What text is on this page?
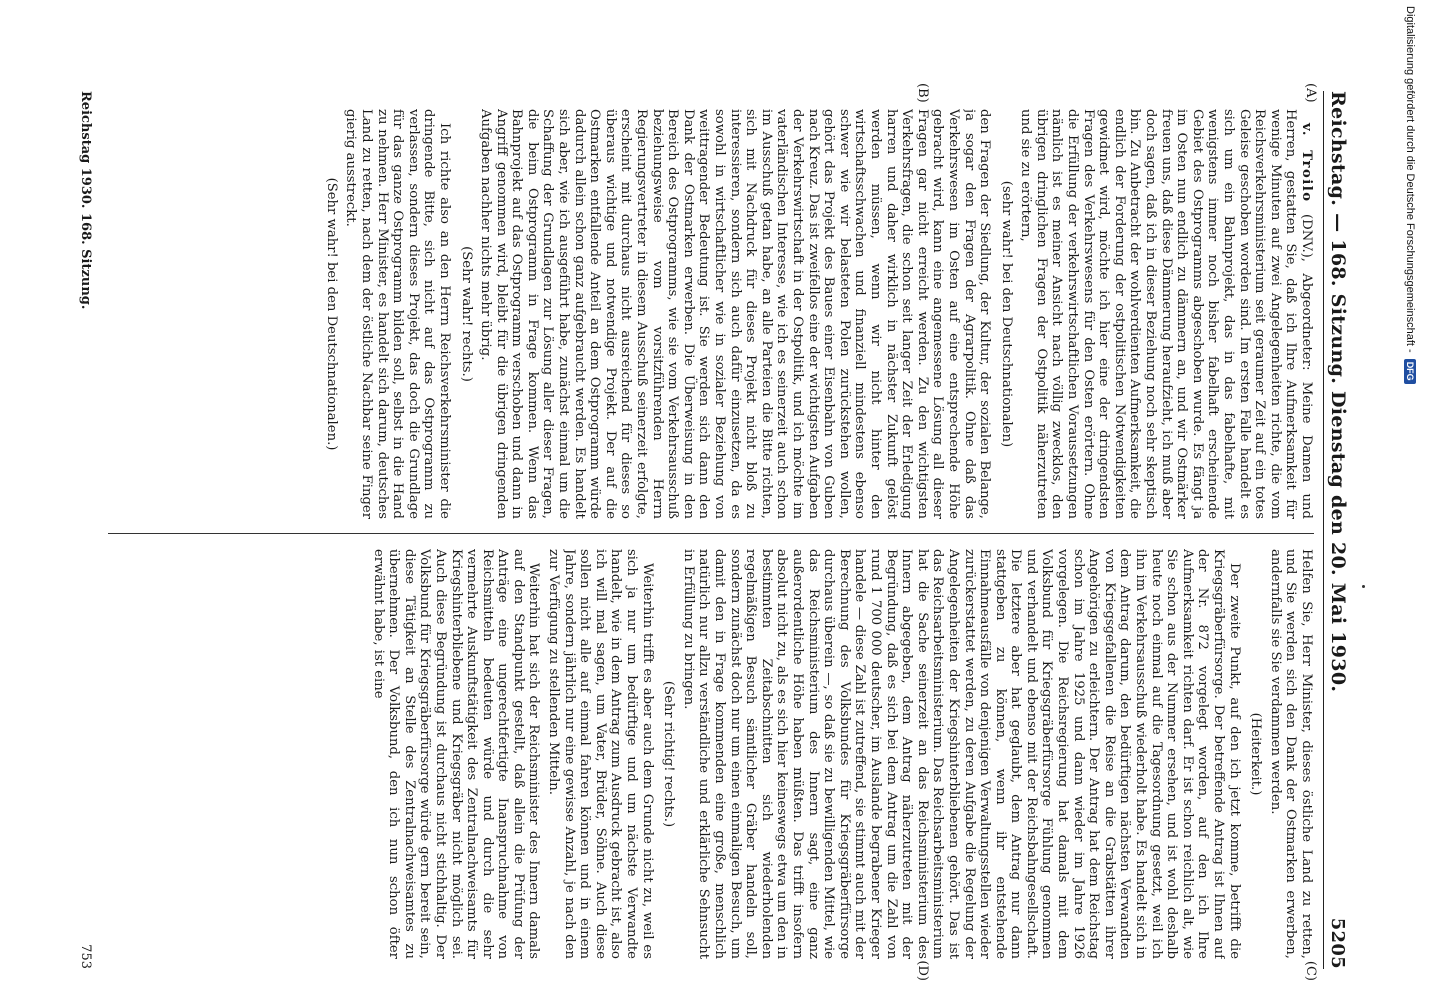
Digitalisierung gefördert durch die Deutsche Forschungsgemeinschaft -
DFG
Reichstag. — 168. Sitzung. Dienstag den 20. Mai 1930.
5205
(A)
(B)
(C)
(D)

v. Troilo (DNV.), Abgeordneter: Meine Damen und Herren, gestatten Sie, daß ich Ihre Aufmerksamkeit für wenige Minuten auf zwei Angelegenheiten richte, die vom Reichsverkehrsministerium seit geraumer Zeit auf ein totes Geleise geschoben worden sind. Im ersten Falle handelt es sich um ein Bahnprojekt, das in das fabelhafte, mit wenigstens immer noch bisher fabelhaft erscheinende Gebiet des Ostprogramms abgeschoben wurde. Es fängt ja im Osten nun endlich zu dämmern an, und wir Ostmärker freuen uns, daß diese Dämmerung heraufzieht, ich muß aber doch sagen, daß ich in dieser Beziehung noch sehr skeptisch bin. Zu Anbetracht der wohlverdienten Aufmerksamkeit, die endlich der Forderung der ostpolitischen Notwendigkeiten gewidmet wird, möchte ich hier eine der dringendsten Fragen des Verkehrswesens für den Osten erörtern. Ohne die Erfüllung der verkehrswirtschaftlichen Voraussetzungen nämlich ist es meiner Ansicht nach völlig zwecklos, den übrigen dringlichen Fragen der Ostpolitik näherzutreten und sie zu erörtern,

(sehr wahr! bei den Deutschnationalen)

den Fragen der Siedlung, der Kultur, der sozialen Belange, ja sogar den Fragen der Agrarpolitik. Ohne daß das Verkehrswesen im Osten auf eine entsprechende Höhe gebracht wird, kann eine angemessene Lösung all dieser Fragen gar nicht erreicht werden. Zu den wichtigsten Verkehrsfragen, die schon seit langer Zeit der Erledigung harren und daher wirklich in nächster Zukunft gelöst werden müssen, wenn wir nicht hinter den wirtschaftsschwachen und finanziell mindestens ebenso schwer wie wir belasteten Polen zurückstehen wollen, gehört das Projekt des Baues einer Eisenbahn von Guben nach Kreuz. Das ist zweifellos eine der wichtigsten Aufgaben der Verkehrswirtschaft in der Ostpolitik, und ich möchte im vaterländischen Interesse, wie ich es seinerzeit auch schon im Ausschuß getan habe, an alle Parteien die Bitte richten, sich mit Nachdruck für dieses Projekt nicht bloß zu interessieren, sondern sich auch dafür einzusetzen, da es sowohl in wirtschaftlicher wie in sozialer Beziehung von weittragender Bedeutung ist. Sie werden sich dann den Dank der Ostmarken erwerben. Die Überweisung in den Bereich des Ostprogramms, wie sie vom Verkehrsausschuß beziehungsweise vom vorsitzführenden Herrn Regierungsvertreter in diesem Ausschuß seinerzeit erfolgte, erscheint mit durchaus nicht ausreichend für dieses so überaus wichtige und notwendige Projekt. Der auf die Ostmarken entfallende Anteil an dem Ostprogramm würde dadurch allein schon ganz aufgebraucht werden. Es handelt sich aber, wie ich ausgeführt habe, zunächst einmal um die Schaffung der Grundlagen zur Lösung aller dieser Fragen, die beim Ostprogramm in Frage kommen. Wenn das Bahnprojekt auf das Ostprogramm verschoben und dann in Angriff genommen wird, bleibt für die übrigen dringenden Aufgaben nachher nichts mehr übrig.

(Sehr wahr! rechts.)

Ich richte also an den Herrn Reichsverkehrsminister die dringende Bitte, sich nicht auf das Ostprogramm zu verlassen, sondern dieses Projekt, das doch die Grundlage für das ganze Ostprogramm bilden soll, selbst in die Hand zu nehmen. Herr Minister, es handelt sich darum, deutsches Land zu retten, nach dem der östliche Nachbar seine Finger gierig ausstreckt.

(Sehr wahr! bei den Deutschnationalen.)

Helfen Sie, Herr Minister, dieses östliche Land zu retten, und Sie werden sich den Dank der Ostmarken erwerben, andernfalls sie Sie verdammen werden.

(Heiterkeit.)

Der zweite Punkt, auf den ich jetzt komme, betrifft die Kriegsgräberfürsorge. Der betreffende Antrag ist Ihnen auf der Nr. 872 vorgelegt worden, auf den ich Ihre Aufmerksamkeit richten darf. Er ist schon reichlich alt, wie Sie schon aus der Nummer ersehen, und ist wohl deshalb heute noch einmal auf die Tagesordnung gesetzt, weil ich ihn im Verkehrsausschuß wiederholt habe. Es handelt sich in dem Antrag darum, den bedürftigen nächsten Verwandten von Kriegsgefallenen die Reise an die Grabstätten ihrer Angehörigen zu erleichtern. Der Antrag hat dem Reichstag schon im Jahre 1925 und dann wieder im Jahre 1926 vorgelegen. Die Reichsregierung hat damals mit dem Volksbund für Kriegsgräberfürsorge Fühlung genommen und verhandelt und ebenso mit der Reichsbahngesellschaft. Die letztere aber hat geglaubt, dem Antrag nur dann stattgeben zu können, wenn ihr entstehende Einnahmeausfälle von denjenigen Verwaltungsstellen wieder zurückerstattet werden, zu deren Aufgabe die Regelung der Angelegenheiten der Kriegshinterbliebenen gehört. Das ist das Reichsarbeitsministerium. Das Reichsarbeitsministerium hat die Sache seinerzeit an das Reichsministerium des Innern abgegeben, dem Antrag näherzutreten mit der Begründung, daß es sich bei dem Antrag um die Zahl von rund 1 700 000 deutscher, im Auslande begrabener Krieger handele — diese Zahl ist zutreffend, sie stimmt auch mit der Berechnung des Volksbundes für Kriegsgräberfürsorge durchaus überein —, so daß sie zu bewilligenden Mittel, wie das Reichsministerium des Innern sagt, eine ganz außerordentliche Höhe haben müßten. Das trifft insofern absolut nicht zu, als es sich hier keineswegs etwa um den in bestimmten Zeitabschnitten sich wiederholenden regelmäßigen Besuch sämtlicher Gräber handeln soll, sondern zunächst doch nur um einen einmaligen Besuch, um damit den in Frage kommenden eine große, menschlich natürlich nur allzu verständliche und erklärliche Sehnsucht in Erfüllung zu bringen.

(Sehr richtig! rechts.)

Weiterhin trifft es aber auch dem Grunde nicht zu, weil es sich ja nur um bedürftige und um nächste Verwandte handelt, wie in dem Antrag zum Ausdruck gebracht ist, also ich will mal sagen, um Vater, Brüder, Söhne. Auch diese sollen nicht alle auf einmal fahren können und in einem Jahre, sondern jährlich nur eine gewisse Anzahl, je nach den zur Verfügung zu stellenden Mitteln.

Weiterhin hat sich der Reichsminister des Innern damals auf den Standpunkt gestellt, daß allein die Prüfung der Anträge eine ungerechtfertigte Inanspruchnahme von Reichsmitteln bedeuten würde und durch die sehr vermehrte Auskunftstätigkeit des Zentralnachweisamts für Kriegshinterbliebene und Kriegsgräber nicht möglich sei. Auch diese Begründung ist durchaus nicht stichhaltig. Der Volksbund für Kriegsgräberfürsorge würde gern bereit sein, diese Tätigkeit an Stelle des Zentralnachweisamtes zu übernehmen. Der Volksbund, den ich nun schon öfter erwähnt habe, ist eine

Reichstag 1930. 168. Sitzung.
753
